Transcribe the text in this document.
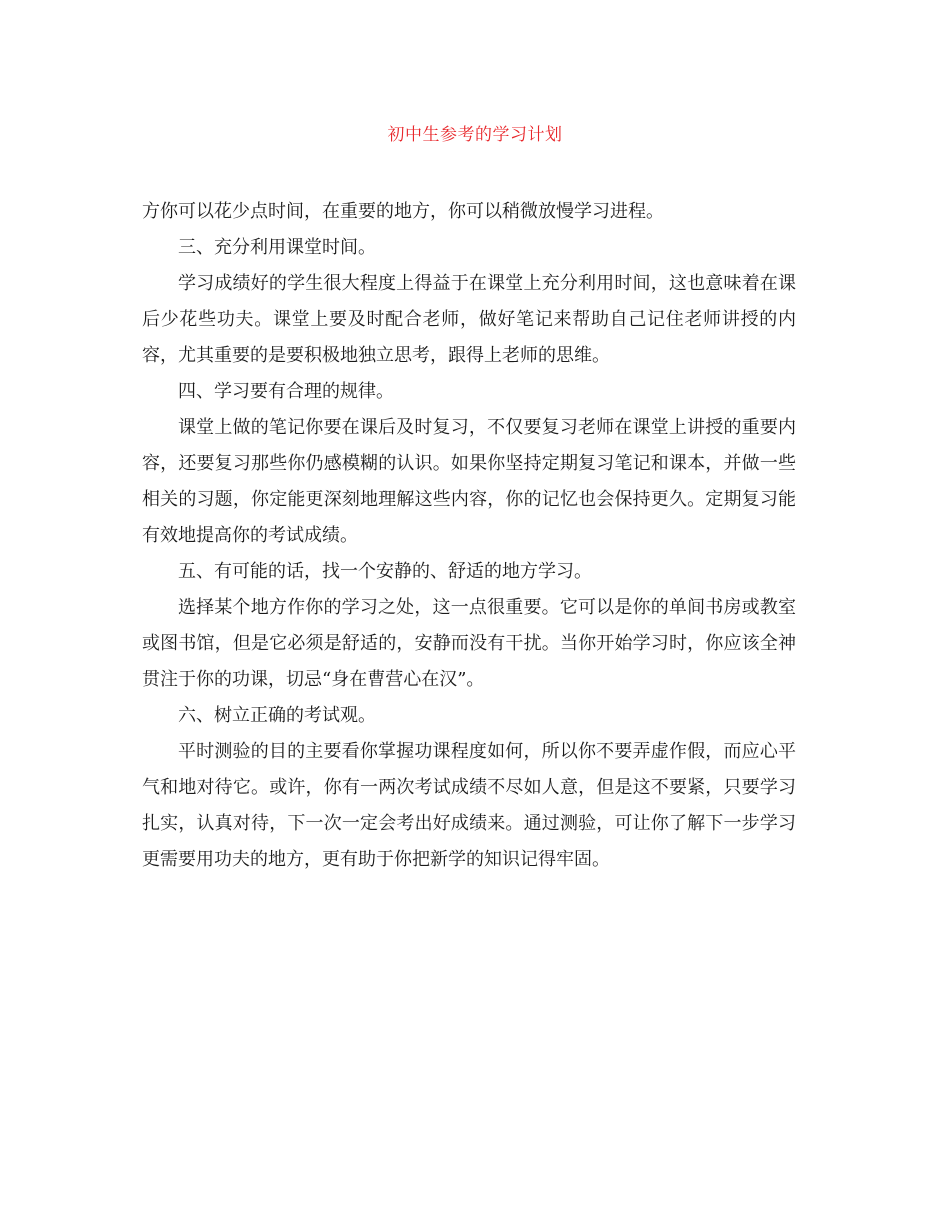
初中生参考的学习计划

方你可以花少点时间，在重要的地方，你可以稍微放慢学习进程。

三、充分利用课堂时间。

学习成绩好的学生很大程度上得益于在课堂上充分利用时间，这也意味着在课后少花些功夫。课堂上要及时配合老师，做好笔记来帮助自己记住老师讲授的内容，尤其重要的是要积极地独立思考，跟得上老师的思维。

四、学习要有合理的规律。

课堂上做的笔记你要在课后及时复习，不仅要复习老师在课堂上讲授的重要内容，还要复习那些你仍感模糊的认识。如果你坚持定期复习笔记和课本，并做一些相关的习题，你定能更深刻地理解这些内容，你的记忆也会保持更久。定期复习能有效地提高你的考试成绩。

五、有可能的话，找一个安静的、舒适的地方学习。

选择某个地方作你的学习之处，这一点很重要。它可以是你的单间书房或教室或图书馆，但是它必须是舒适的，安静而没有干扰。当你开始学习时，你应该全神贯注于你的功课，切忌“身在曹营心在汉”。

六、树立正确的考试观。

平时测验的目的主要看你掌握功课程度如何，所以你不要弄虚作假，而应心平气和地对待它。或许，你有一两次考试成绩不尽如人意，但是这不要紧，只要学习扎实，认真对待，下一次一定会考出好成绩来。通过测验，可让你了解下一步学习更需要用功夫的地方，更有助于你把新学的知识记得牢固。
